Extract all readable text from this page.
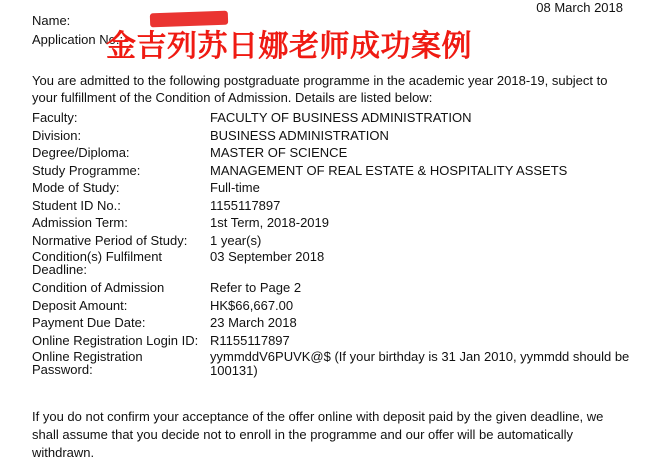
08 March 2018
Name:
Application No.:
You are admitted to the following postgraduate programme in the academic year 2018-19, subject to your fulfillment of the Condition of Admission. Details are listed below:
Faculty:	FACULTY OF BUSINESS ADMINISTRATION
Division:	BUSINESS ADMINISTRATION
Degree/Diploma:	MASTER OF SCIENCE
Study Programme:	MANAGEMENT OF REAL ESTATE & HOSPITALITY ASSETS
Mode of Study:	Full-time
Student ID No.:	1155117897
Admission Term:	1st Term, 2018-2019
Normative Period of Study:	1 year(s)
Condition(s) Fulfilment Deadline:
03 September 2018
Condition of Admission	Refer to Page 2
Deposit Amount:	HK$66,667.00
Payment Due Date:	23 March 2018
Online Registration Login ID: R1155117897
Online Registration Password:
yymmddV6PUVK@$ (If your birthday is 31 Jan 2010, yymmdd should be 100131)
If you do not confirm your acceptance of the offer online with deposit paid by the given deadline, we shall assume that you decide not to enroll in the programme and our offer will be automatically withdrawn.
金吉列苏日娜老师成功案例
